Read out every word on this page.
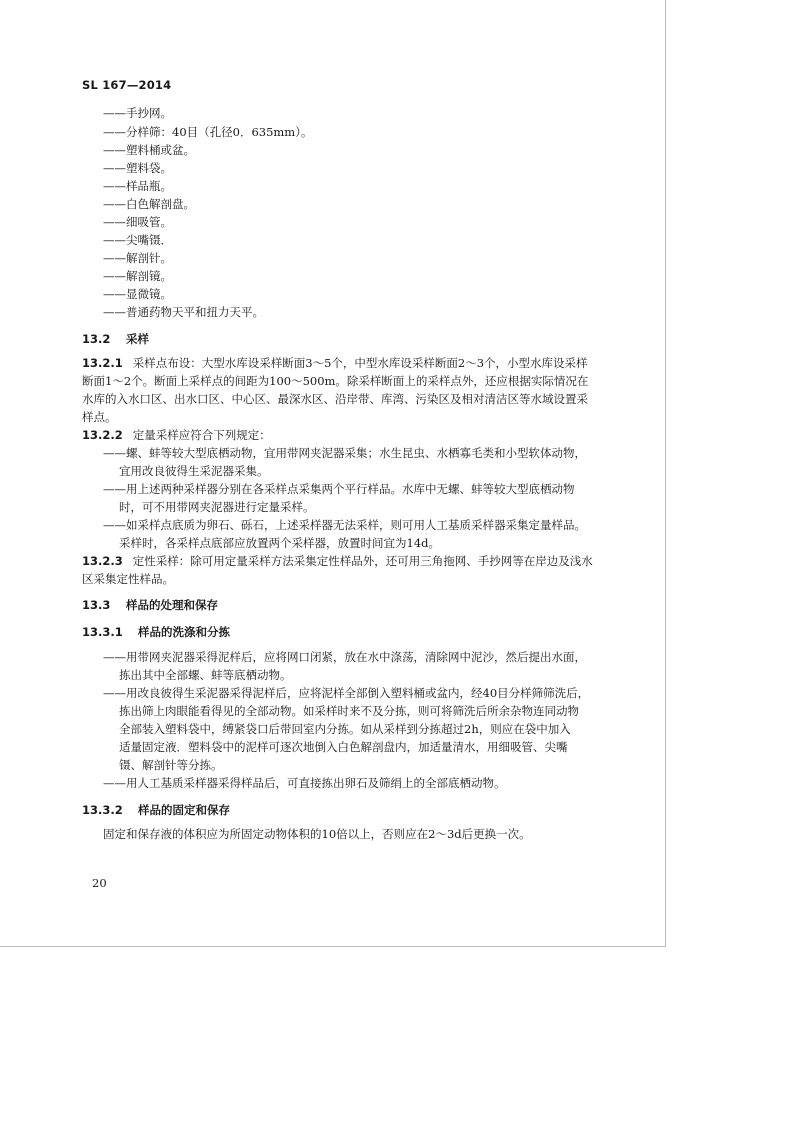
SL 167—2014
——手抄网。
——分样筛：40目（孔径0．635mm）。
——塑料桶或盆。
——塑料袋。
——样品瓶。
——白色解剖盘。
——细吸管。
——尖嘴镊．
——解剖针。
——解剖镜。
——显微镜。
——普通药物天平和扭力天平。
13.2 采样

13.2.1 采样点布设：大型水库设采样断面3～5个，中型水库设采样断面2～3个，小型水库设采样

断面1～2个。断面上采样点的间距为100～500m。除采样断面上的采样点外，还应根据实际情况在

水库的入水口区、出水口区、中心区、最深水区、沿岸带、库湾、污染区及相对清洁区等水域设置采

样点。

13.2.2 定量采样应符合下列规定：

——螺、蚌等较大型底栖动物，宜用带网夹泥器采集；水生昆虫、水栖寡毛类和小型软体动物，

宜用改良彼得生采泥器采集。

——用上述两种采样器分别在各采样点采集两个平行样品。水库中无螺、蚌等较大型底栖动物

时，可不用带网夹泥器进行定量采样。

——如采样点底质为卵石、砾石，上述采样器无法采样，则可用人工基质采样器采集定量样品。

采样时，各采样点底部应放置两个采样器，放置时间宜为14d。

13.2.3 定性采样：除可用定量采样方法采集定性样品外，还可用三角拖网、手抄网等在岸边及浅水

区采集定性样品。

13.3 样品的处理和保存
13.3.1 样品的洗涤和分拣

——用带网夹泥器采得泥样后，应将网口闭紧，放在水中涤荡，清除网中泥沙，然后提出水面，

拣出其中全部螺、蚌等底栖动物。

——用改良彼得生采泥器采得泥样后，应将泥样全部倒入塑料桶或盆内，经40目分样筛筛洗后，

拣出筛上肉眼能看得见的全部动物。如采样时来不及分拣，则可将筛洗后所余杂物连同动物

全部装入塑料袋中，缚紧袋口后带回室内分拣。如从采样到分拣超过2h，则应在袋中加入

适量固定液．塑料袋中的泥样可逐次地倒入白色解剖盘内，加适量清水，用细吸管、尖嘴

镊、解剖针等分拣。

——用人工基质采样器采得样品后，可直接拣出卵石及筛绢上的全部底栖动物。

13.3.2 样品的固定和保存

固定和保存液的体积应为所固定动物体积的10倍以上，否则应在2～3d后更换一次。

20
